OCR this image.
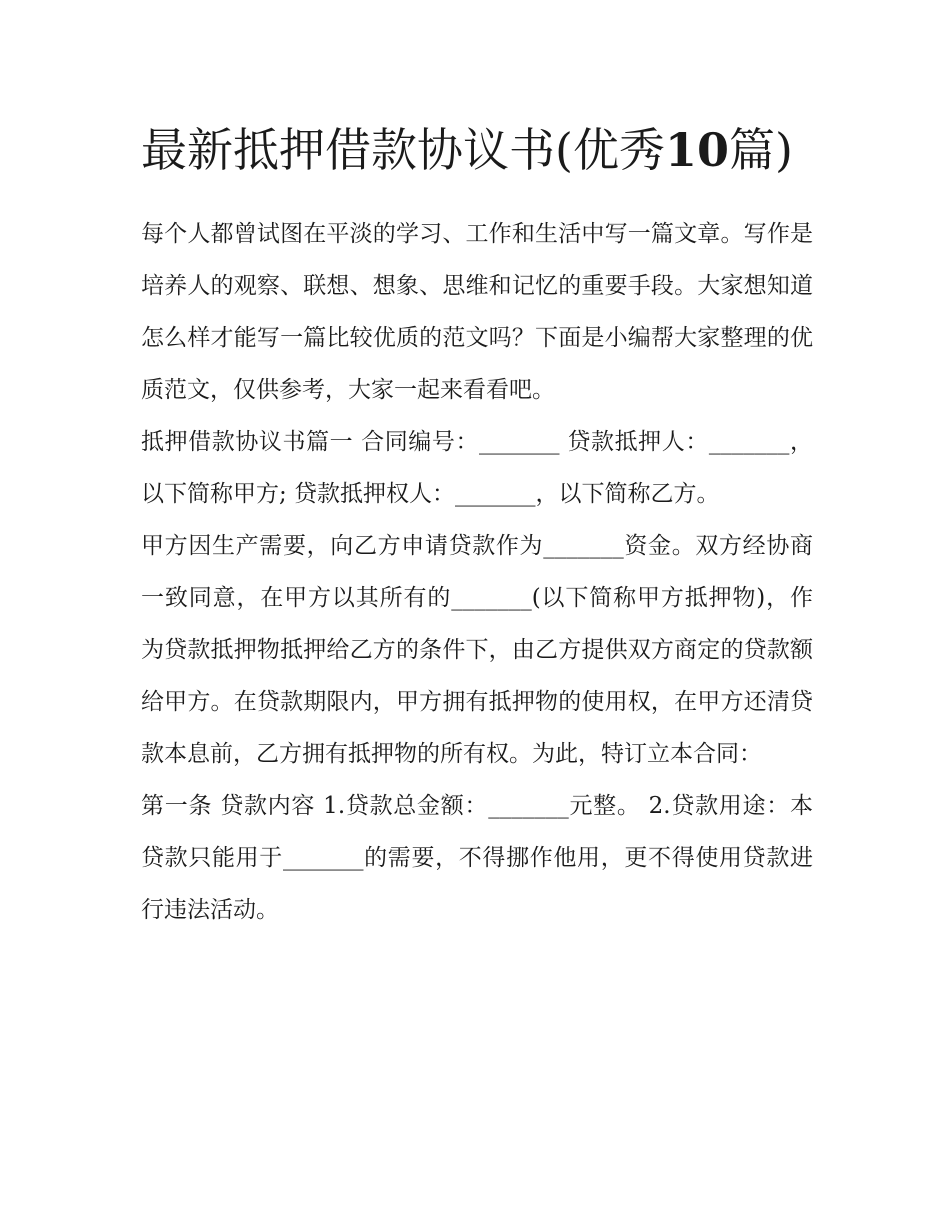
最新抵押借款协议书(优秀10篇)

每个人都曾试图在平淡的学习、工作和生活中写一篇文章。写作是培养人的观察、联想、想象、思维和记忆的重要手段。大家想知道怎么样才能写一篇比较优质的范文吗？下面是小编帮大家整理的优质范文，仅供参考，大家一起来看看吧。

抵押借款协议书篇一 合同编号：_______ 贷款抵押人：_______，以下简称甲方; 贷款抵押权人：_______，以下简称乙方。

甲方因生产需要，向乙方申请贷款作为_______资金。双方经协商一致同意，在甲方以其所有的_______(以下简称甲方抵押物)，作为贷款抵押物抵押给乙方的条件下，由乙方提供双方商定的贷款额给甲方。在贷款期限内，甲方拥有抵押物的使用权，在甲方还清贷款本息前，乙方拥有抵押物的所有权。为此，特订立本合同：

第一条 贷款内容 1.贷款总金额：_______元整。 2.贷款用途：本贷款只能用于_______的需要，不得挪作他用，更不得使用贷款进行违法活动。
